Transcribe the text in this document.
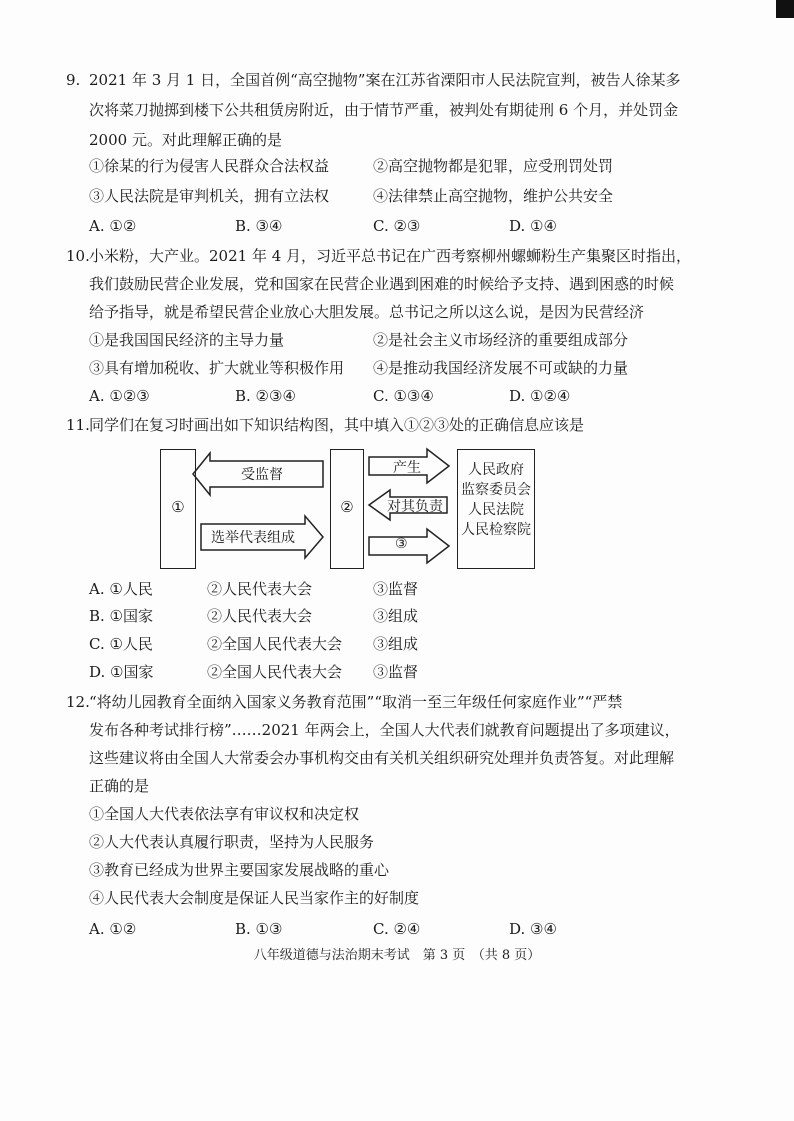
9. 2021 年 3 月 1 日，全国首例“高空抛物”案在江苏省溧阳市人民法院宣判，被告人徐某多
次将菜刀抛掷到楼下公共租赁房附近，由于情节严重，被判处有期徒刑 6 个月，并处罚金
2000 元。对此理解正确的是
①徐某的行为侵害人民群众合法权益	②高空抛物都是犯罪，应受刑罚处罚
③人民法院是审判机关，拥有立法权	④法律禁止高空抛物，维护公共安全
A. ①②	B. ③④	C. ②③	D. ①④
10. 小米粉，大产业。2021 年 4 月，习近平总书记在广西考察柳州螺蛳粉生产集聚区时指出，
我们鼓励民营企业发展，党和国家在民营企业遇到困难的时候给予支持、遇到困惑的时候
给予指导，就是希望民营企业放心大胆发展。总书记之所以这么说，是因为民营经济
①是我国国民经济的主导力量	②是社会主义市场经济的重要组成部分
③具有增加税收、扩大就业等积极作用 ④是推动我国经济发展不可或缺的力量
A. ①②③	B. ②③④	C. ①③④	D. ①②④
11. 同学们在复习时画出如下知识结构图，其中填入①②③处的正确信息应该是
①	②
人民政府
监察委员会
人民法院
人民检察院
受监督
选举代表组成
产生
对其负责
③
A. ①人民	②人民代表大会	③监督
B. ①国家	②人民代表大会	③组成
C. ①人民	②全国人民代表大会 ③组成
D. ①国家	②全国人民代表大会 ③监督
12. “将幼儿园教育全面纳入国家义务教育范围”“取消一至三年级任何家庭作业”“严禁
发布各种考试排行榜”……2021 年两会上，全国人大代表们就教育问题提出了多项建议，
这些建议将由全国人大常委会办事机构交由有关机关组织研究处理并负责答复。对此理解
正确的是
①全国人大代表依法享有审议权和决定权
②人大代表认真履行职责，坚持为人民服务
③教育已经成为世界主要国家发展战略的重心
④人民代表大会制度是保证人民当家作主的好制度
A. ①②	B. ①③	C. ②④	D. ③④
八年级道德与法治期末考试　第 3 页　（共 8 页）
